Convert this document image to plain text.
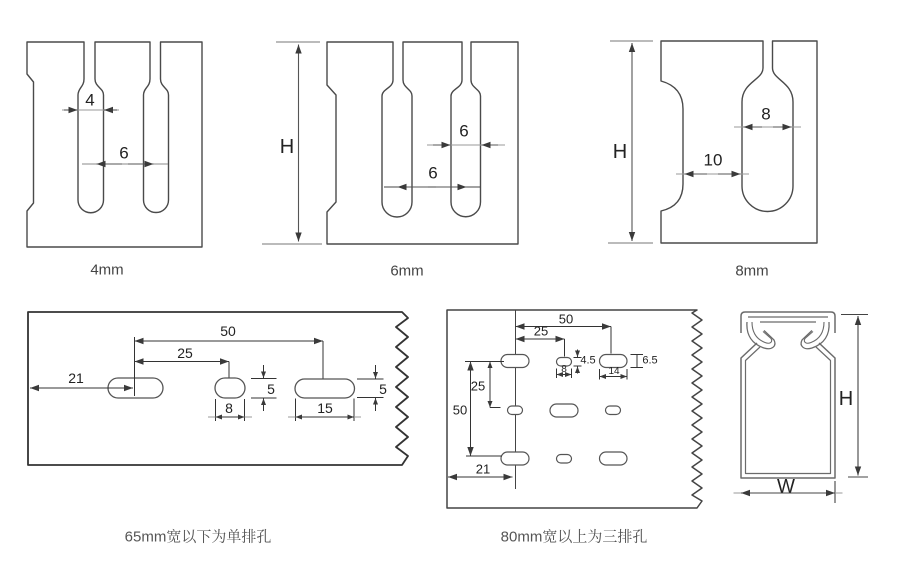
4
6
4mm
H
6
6
6mm
H
8
10
8mm
50
25
21
8
5
15
5
65mm宽以下为单排孔
50
25
4.5
8
6.5
14
25
50
21
80mm宽以上为三排孔
H
W
